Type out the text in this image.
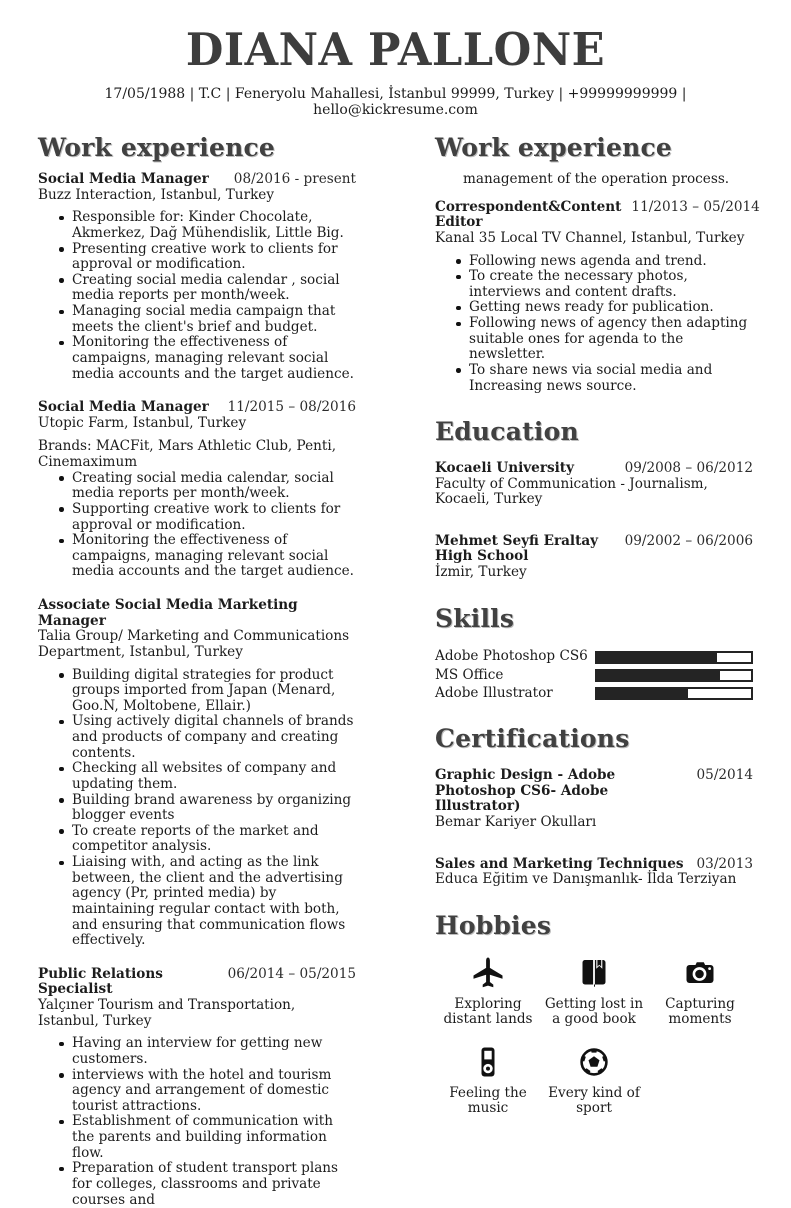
DIANA PALLONE
17/05/1988 | T.C | Feneryolu Mahallesi, İstanbul 99999, Turkey | +99999999999 | hello@kickresume.com
Work experience
Social Media Manager	08/2016 - present
Buzz Interaction, Istanbul, Turkey
Responsible for: Kinder Chocolate, Akmerkez, Dağ Mühendislik, Little Big.
Presenting creative work to clients for approval or modification.
Creating social media calendar , social media reports per month/week.
Managing social media campaign that meets the client's brief and budget.
Monitoring the effectiveness of campaigns, managing relevant social media accounts and the target audience.
Social Media Manager	11/2015 – 08/2016
Utopic Farm, Istanbul, Turkey

Brands: MACFit, Mars Athletic Club, Penti, Cinemaximum

Creating social media calendar, social media reports per month/week.
Supporting creative work to clients for approval or modification.
Monitoring the effectiveness of campaigns, managing relevant social media accounts and the target audience.
Associate Social Media Marketing Manager
Talia Group/ Marketing and Communications Department, Istanbul, Turkey
Building digital strategies for product groups imported from Japan (Menard, Goo.N, Moltobene, Ellair.)
Using actively digital channels of brands and products of company and creating contents.
Checking all websites of company and updating them.
Building brand awareness by organizing blogger events
To create reports of the market and competitor analysis.
Liaising with, and acting as the link between, the client and the advertising agency (Pr, printed media) by maintaining regular contact with both, and ensuring that communication flows effectively.
Public Relations Specialist
06/2014 – 05/2015
Yalçıner Tourism and Transportation, Istanbul, Turkey
Having an interview for getting new customers.
interviews with the hotel and tourism agency and arrangement of domestic tourist attractions.
Establishment of communication with the parents and building information flow.
Preparation of student transport plans for colleges, classrooms and private courses and
Work experience
management of the operation process.
Correspondent&Content Editor
11/2013 – 05/2014
Kanal 35 Local TV Channel, Istanbul, Turkey
Following news agenda and trend.
To create the necessary photos, interviews and content drafts.
Getting news ready for publication.
Following news of agency then adapting suitable ones for agenda to the newsletter.
To share news via social media and Increasing news source.
Education
Kocaeli University	09/2008 – 06/2012
Faculty of Communication - Journalism, Kocaeli, Turkey
Mehmet Seyfi Eraltay High School
09/2002 – 06/2006
İzmir, Turkey
Skills
Adobe Photoshop CS6
MS Office
Adobe Illustrator
Certifications
Graphic Design - Adobe Photoshop CS6- Adobe Illustrator)
05/2014
Bemar Kariyer Okulları
Sales and Marketing Techniques 03/2013
Educa Eğitim ve Danışmanlık- İlda Terziyan
Hobbies
Exploring distant lands
Getting lost in a good book
Capturing moments
Feeling the music
Every kind of sport
